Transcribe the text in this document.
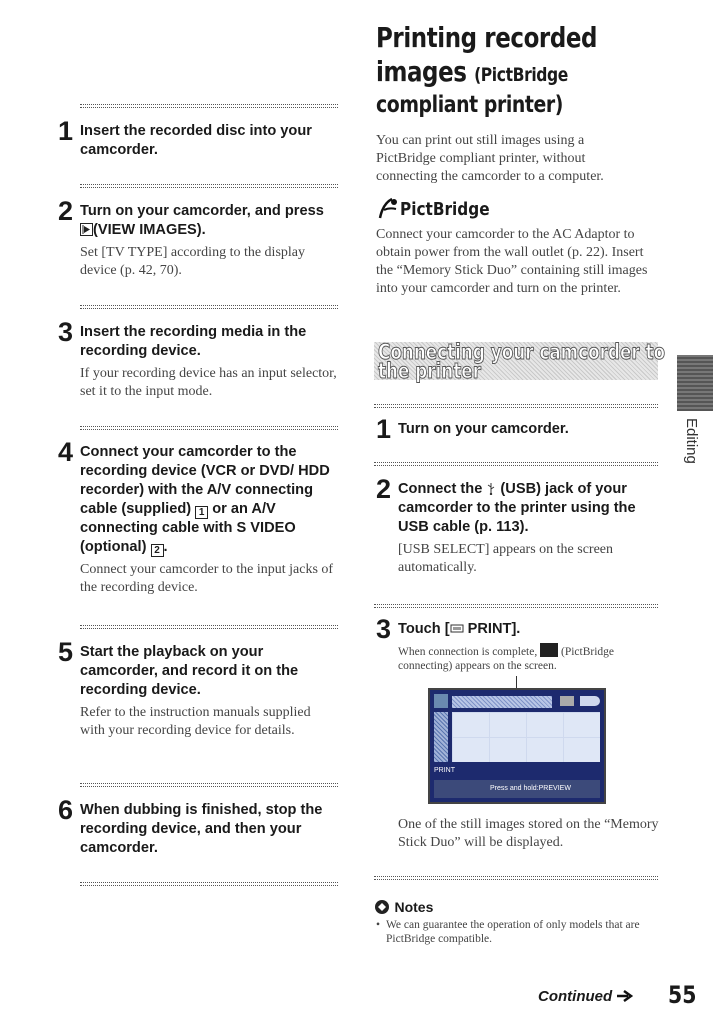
1 Insert the recorded disc into your camcorder.
2 Turn on your camcorder, and press
(VIEW IMAGES).
Set [TV TYPE] according to the display device (p. 42, 70).
3 Insert the recording media in the recording device.
If your recording device has an input selector, set it to the input mode.
4 Connect your camcorder to the recording device (VCR or DVD/ HDD recorder) with the A/V connecting cable (supplied) 1 or an A/V connecting cable with S VIDEO (optional) 2 .
Connect your camcorder to the input jacks of the recording device.
5 Start the playback on your camcorder, and record it on the recording device.
Refer to the instruction manuals supplied with your recording device for details.
6 When dubbing is finished, stop the recording device, and then your camcorder.
Printing recorded
images (PictBridge
compliant printer)
You can print out still images using a PictBridge compliant printer, without connecting the camcorder to a computer.
PictBridge
Connect your camcorder to the AC Adaptor to obtain power from the wall outlet (p. 22). Insert the “Memory Stick Duo” containing still images into your camcorder and turn on the printer.
Connecting your camcorder to
the printer
1 Turn on your camcorder.
2 Connect the  (USB) jack of your camcorder to the printer using the USB cable (p. 113).
[USB SELECT] appears on the screen automatically.
3 Touch [ PRINT].
When connection is complete,  (PictBridge connecting) appears on the screen.
PRINT
Press and hold:PREVIEW
One of the still images stored on the “Memory Stick Duo” will be displayed.
Notes
• We can guarantee the operation of only models that are PictBridge compatible.
Editing
Continued	55
